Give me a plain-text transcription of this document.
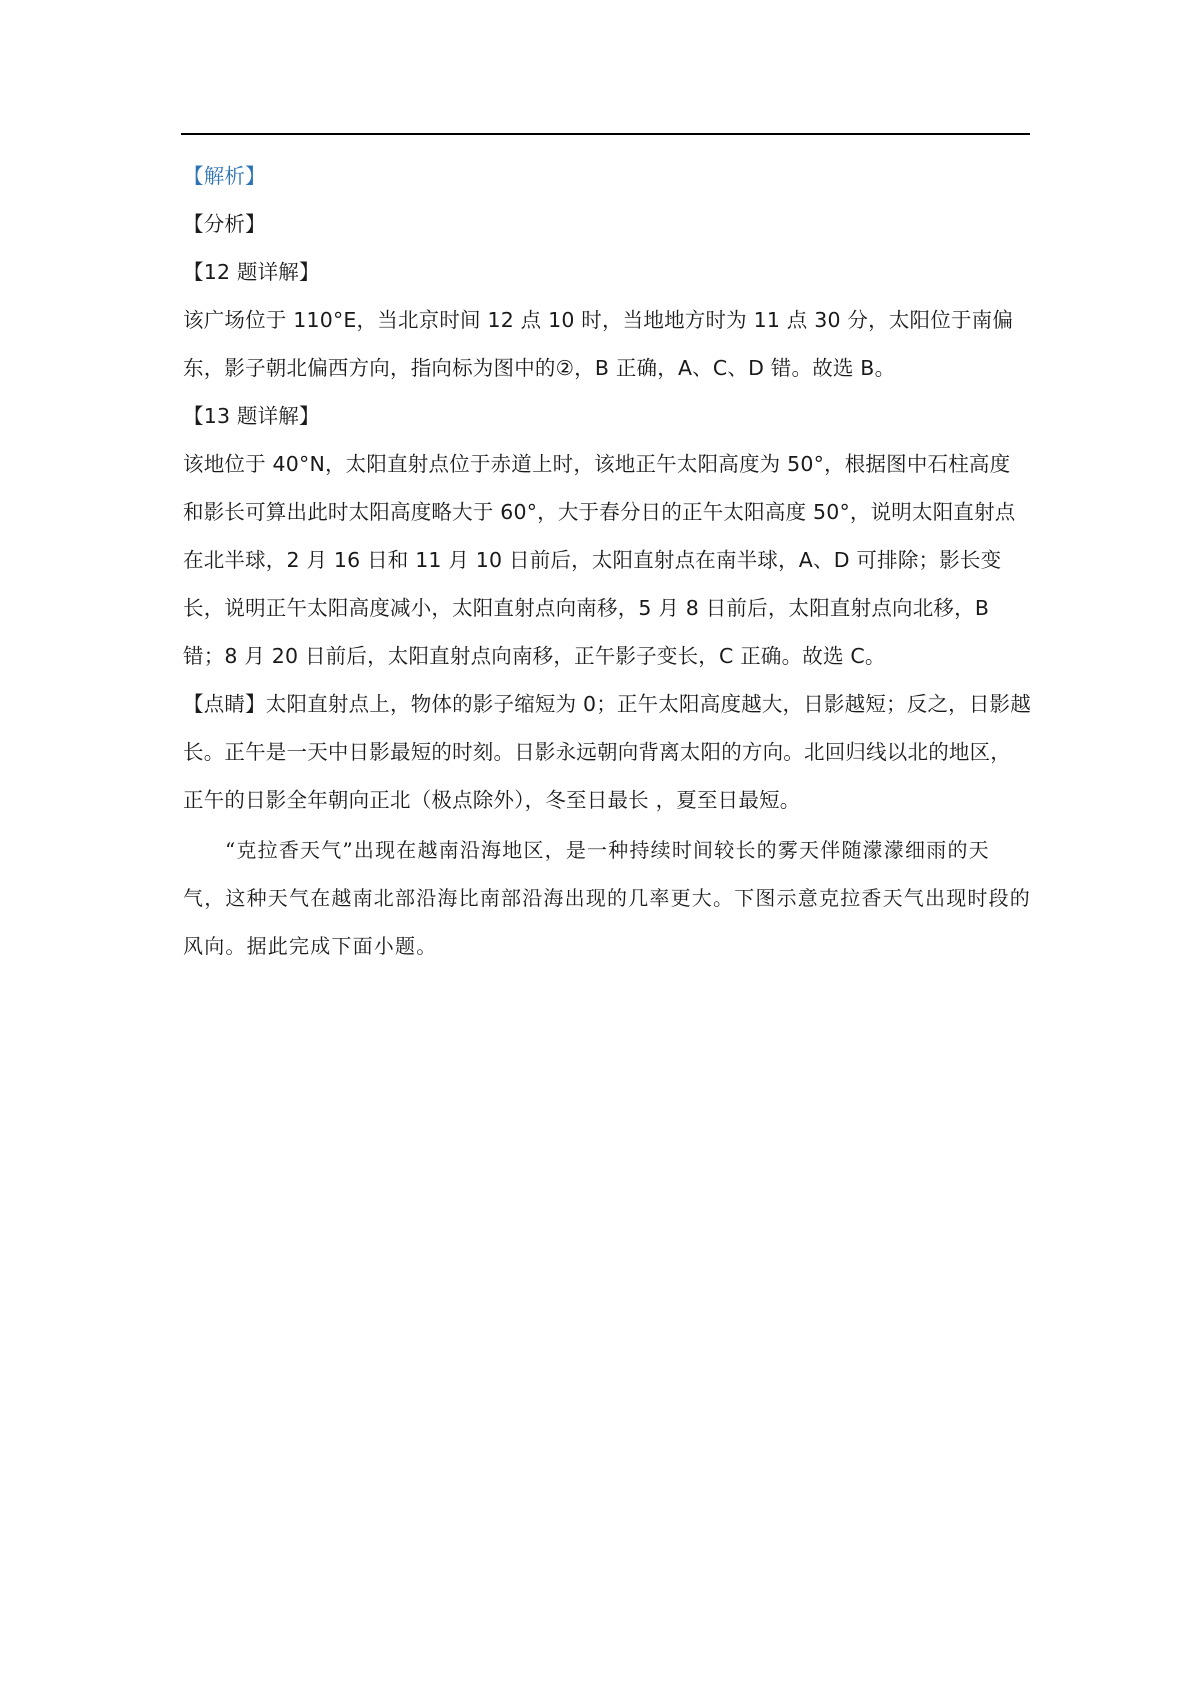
【解析】
【分析】
【12 题详解】
该广场位于 110°E，当北京时间 12 点 10 时，当地地方时为 11 点 30 分，太阳位于南偏东，影子朝北偏西方向，指向标为图中的②，B 正确，A、C、D 错。故选 B。
【13 题详解】
该地位于 40°N，太阳直射点位于赤道上时，该地正午太阳高度为 50°，根据图中石柱高度和影长可算出此时太阳高度略大于 60°，大于春分日的正午太阳高度 50°，说明太阳直射点在北半球，2 月 16 日和 11 月 10 日前后，太阳直射点在南半球，A、D 可排除；影长变长，说明正午太阳高度减小，太阳直射点向南移，5 月 8 日前后，太阳直射点向北移，B 错；8 月 20 日前后，太阳直射点向南移，正午影子变长，C 正确。故选 C。
【点睛】太阳直射点上，物体的影子缩短为 0；正午太阳高度越大，日影越短；反之，日影越长。正午是一天中日影最短的时刻。日影永远朝向背离太阳的方向。北回归线以北的地区，正午的日影全年朝向正北（极点除外），冬至日最长 ，夏至日最短。
“克拉香天气”出现在越南沿海地区，是一种持续时间较长的雾天伴随濛濛细雨的天气，这种天气在越南北部沿海比南部沿海出现的几率更大。下图示意克拉香天气出现时段的风向。据此完成下面小题。
